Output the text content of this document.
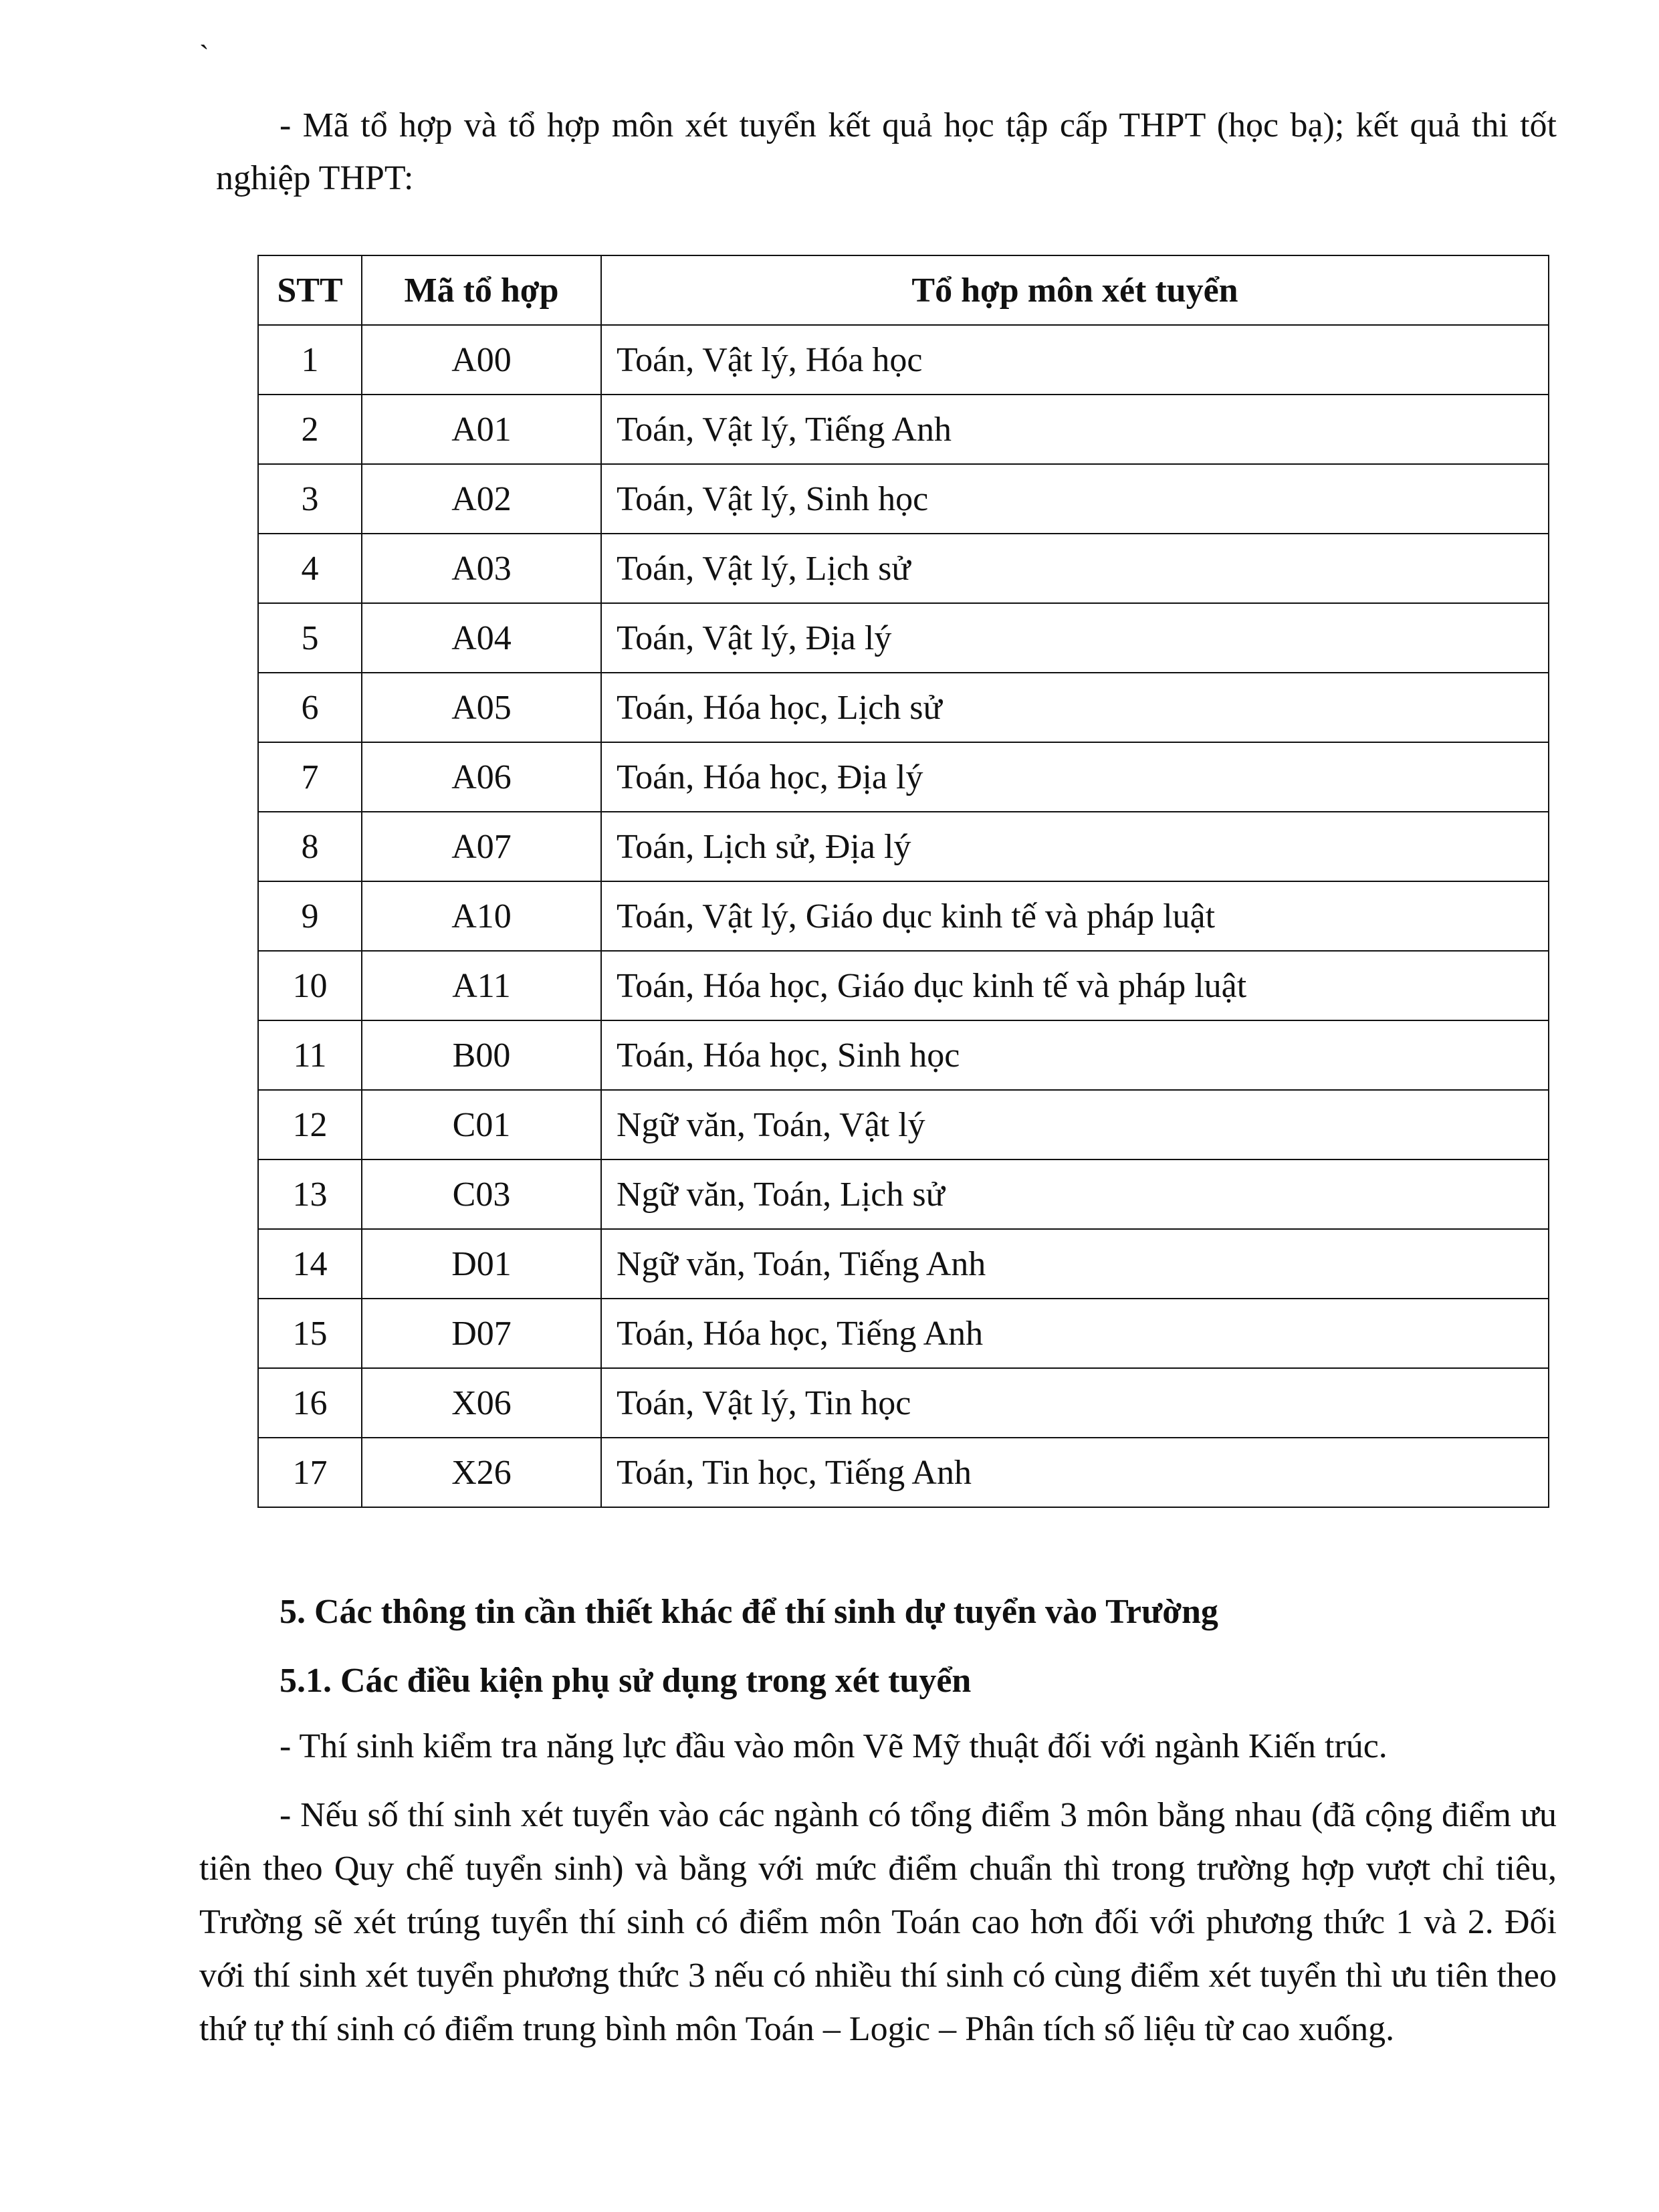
`
- Mã tổ hợp và tổ hợp môn xét tuyển kết quả học tập cấp THPT (học bạ); kết quả thi tốt nghiệp THPT:
STT	Mã tổ hợp	Tổ hợp môn xét tuyển
1	A00	Toán, Vật lý, Hóa học
2	A01	Toán, Vật lý, Tiếng Anh
3	A02	Toán, Vật lý, Sinh học
4	A03	Toán, Vật lý, Lịch sử
5	A04	Toán, Vật lý, Địa lý
6	A05	Toán, Hóa học, Lịch sử
7	A06	Toán, Hóa học, Địa lý
8	A07	Toán, Lịch sử, Địa lý
9	A10	Toán, Vật lý, Giáo dục kinh tế và pháp luật
10	A11	Toán, Hóa học, Giáo dục kinh tế và pháp luật
11	B00	Toán, Hóa học, Sinh học
12	C01	Ngữ văn, Toán, Vật lý
13	C03	Ngữ văn, Toán, Lịch sử
14	D01	Ngữ văn, Toán, Tiếng Anh
15	D07	Toán, Hóa học, Tiếng Anh
16	X06	Toán, Vật lý, Tin học
17	X26	Toán, Tin học, Tiếng Anh
5. Các thông tin cần thiết khác để thí sinh dự tuyển vào Trường
5.1. Các điều kiện phụ sử dụng trong xét tuyển
- Thí sinh kiểm tra năng lực đầu vào môn Vẽ Mỹ thuật đối với ngành Kiến trúc.
- Nếu số thí sinh xét tuyển vào các ngành có tổng điểm 3 môn bằng nhau (đã cộng điểm ưu tiên theo Quy chế tuyển sinh) và bằng với mức điểm chuẩn thì trong trường hợp vượt chỉ tiêu, Trường sẽ xét trúng tuyển thí sinh có điểm môn Toán cao hơn đối với phương thức 1 và 2. Đối với thí sinh xét tuyển phương thức 3 nếu có nhiều thí sinh có cùng điểm xét tuyển thì ưu tiên theo thứ tự thí sinh có điểm trung bình môn Toán – Logic – Phân tích số liệu từ cao xuống.
